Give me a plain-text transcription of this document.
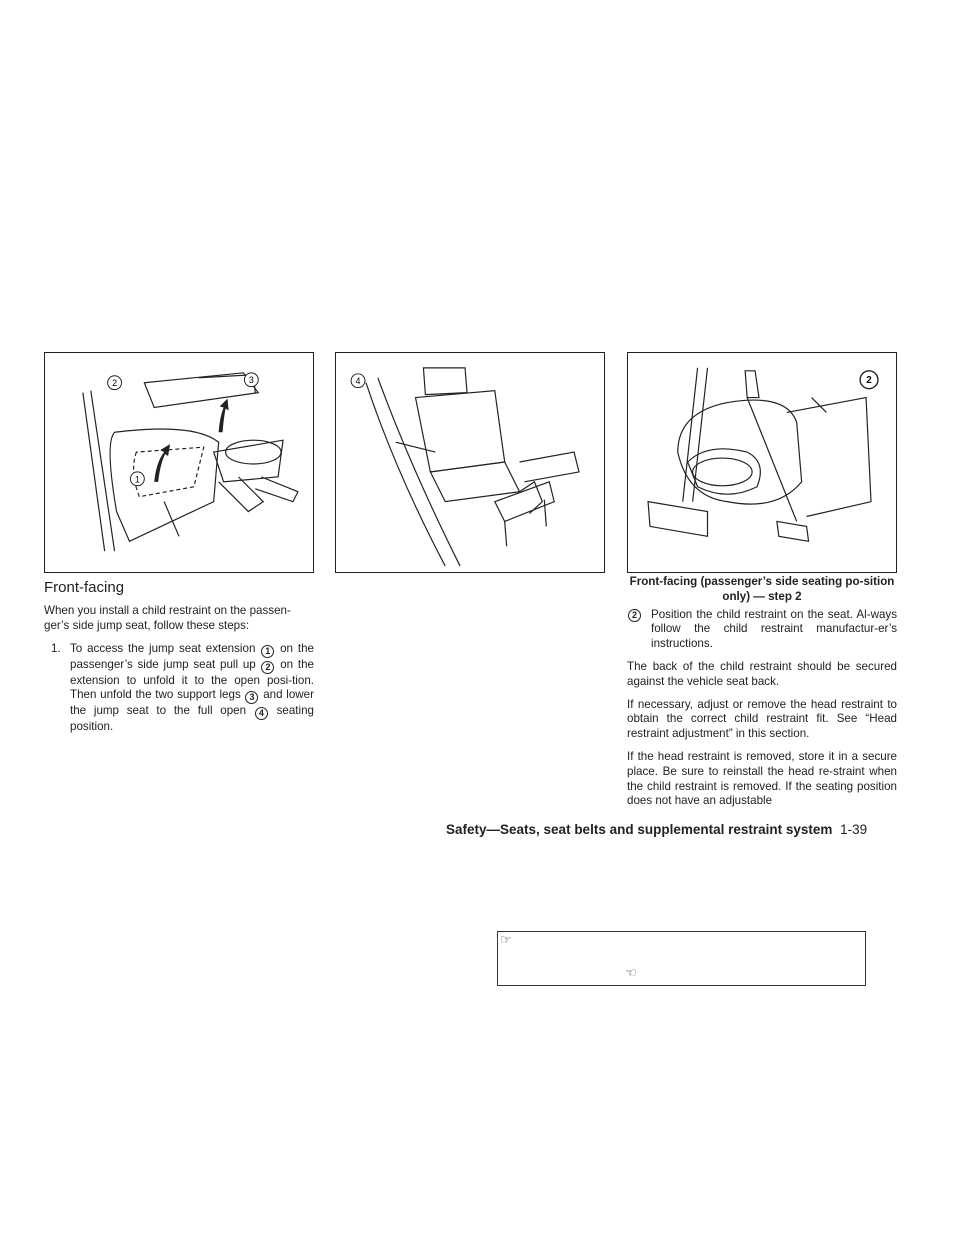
2	3
1
4	2
Front-facing

When you install a child restraint on the passen-ger’s side jump seat, follow these steps:

1. To access the jump seat extension 1 on the passenger’s side jump seat pull up 2 on the extension to unfold it to the open posi-tion. Then unfold the two support legs 3 and lower the jump seat to the full open 4 seating position.
Front-facing (passenger’s side seating po-sition only) — step 2
2	Position the child restraint on the seat. Al-ways follow the child restraint manufactur-er’s instructions.

The back of the child restraint should be secured against the vehicle seat back.

If necessary, adjust or remove the head restraint to obtain the correct child restraint fit. See “Head restraint adjustment” in this section.

If the head restraint is removed, store it in a secure place. Be sure to reinstall the head re-straint when the child restraint is removed. If the seating position does not have an adjustable

Safety—Seats, seat belts and supplemental restraint system 1-39
☞
☜
